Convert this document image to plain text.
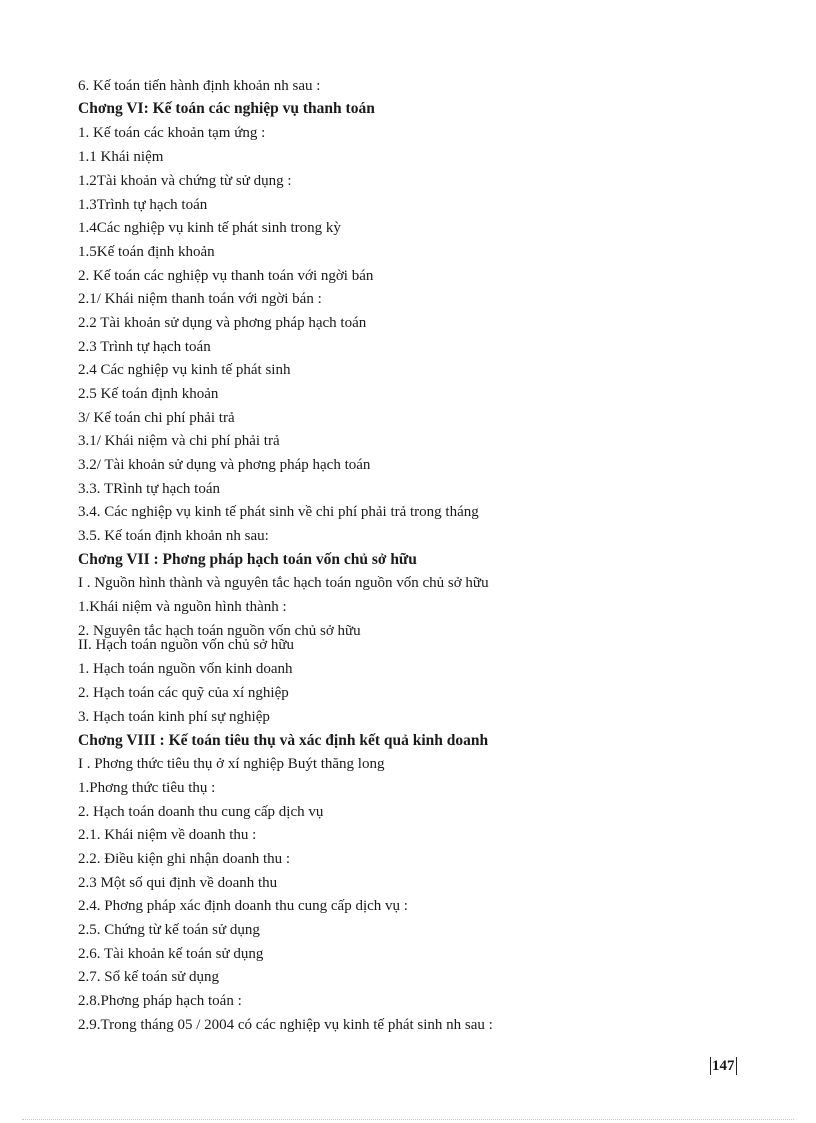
6. Kế toán tiến hành định khoản nh sau :
Chơng VI: Kế toán các nghiệp vụ thanh toán
1. Kế toán các khoản tạm ứng :
1.1 Khái niệm
1.2Tài khoản và chứng từ sử dụng :
1.3Trình tự hạch toán
1.4Các nghiệp vụ kinh tế phát sinh trong kỳ
1.5Kế toán định khoản
2. Kế toán các nghiệp vụ thanh toán với ngời bán
2.1/ Khái niệm thanh toán với ngời bán :
2.2 Tài khoản sử dụng và phơng pháp hạch toán
2.3 Trình tự hạch toán
2.4 Các nghiệp vụ kinh tế phát sinh
2.5 Kế toán định khoản
3/ Kế toán chi phí phải trả
3.1/ Khái niệm và chi phí phải trả
3.2/ Tài khoản sử dụng và phơng pháp hạch toán
3.3. TRình tự hạch toán
3.4. Các nghiệp vụ kinh tế phát sinh về chi phí phải trả trong tháng
3.5. Kế toán định khoản nh sau:
Chơng VII : Phơng pháp hạch toán vốn chủ sở hữu
I . Nguồn hình thành và nguyên tắc hạch toán nguồn vốn chủ sở hữu
1.Khái niệm và nguồn hình thành :
2. Nguyên tắc hạch toán nguồn vốn chủ sở hữu
II. Hạch toán nguồn vốn chủ sở hữu
1. Hạch toán nguồn vốn kinh doanh
2. Hạch toán các quỹ của xí nghiệp
3. Hạch toán kinh phí sự nghiệp
Chơng VIII : Kế toán tiêu thụ và xác định kết quả kinh doanh
I . Phơng thức tiêu thụ ở xí nghiệp Buýt thăng long
1.Phơng thức tiêu thụ :
2. Hạch toán doanh thu cung cấp dịch vụ
2.1. Khái niệm về doanh thu :
2.2. Điều kiện ghi nhận doanh thu :
2.3 Một số qui định về doanh thu
2.4. Phơng pháp xác định doanh thu cung cấp dịch vụ :
2.5. Chứng từ kế toán sử dụng
2.6. Tài khoản kế toán sử dụng
2.7. Sổ kế toán sử dụng
2.8.Phơng pháp hạch toán :
2.9.Trong tháng 05 / 2004 có các nghiệp vụ kinh tế phát sinh nh sau :
147
